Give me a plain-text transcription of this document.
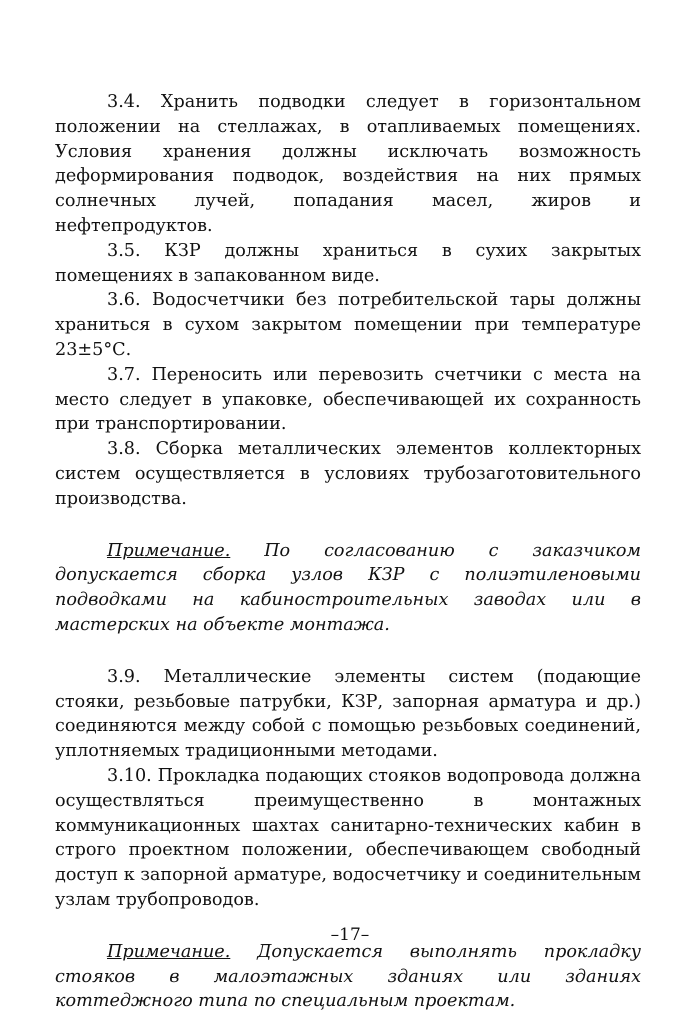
3.4. Хранить подводки следует в горизонтальном положении на стеллажах, в отапливаемых помещениях. Условия хранения должны исключать возможность деформирования подводок, воздействия на них прямых солнечных лучей, попадания масел, жиров и нефтепродуктов.

3.5. КЗР должны храниться в сухих закрытых помещениях в запакованном виде.

3.6. Водосчетчики без потребительской тары должны храниться в сухом закрытом помещении при температуре 23±5°С.

3.7. Переносить или перевозить счетчики с места на место следует в упаковке, обеспечивающей их сохранность при транспортировании.

3.8. Сборка металлических элементов коллекторных систем осуществляется в условиях трубозаготовительного производства.

Примечание. По согласованию с заказчиком допускается сборка узлов КЗР с полиэтиленовыми подводками на кабиностроительных заводах или в мастерских на объекте монтажа.

3.9. Металлические элементы систем (подающие стояки, резьбовые патрубки, КЗР, запорная арматура и др.) соединяются между собой с помощью резьбовых соединений, уплотняемых традиционными методами.

3.10. Прокладка подающих стояков водопровода должна осуществляться преимущественно в монтажных коммуникационных шахтах санитарно-технических кабин в строго проектном положении, обеспечивающем свободный доступ к запорной арматуре, водосчетчику и соединительным узлам трубопроводов.

Примечание. Допускается выполнять прокладку стояков в малоэтажных зданиях или зданиях коттеджного типа по специальным проектам.

–17–
